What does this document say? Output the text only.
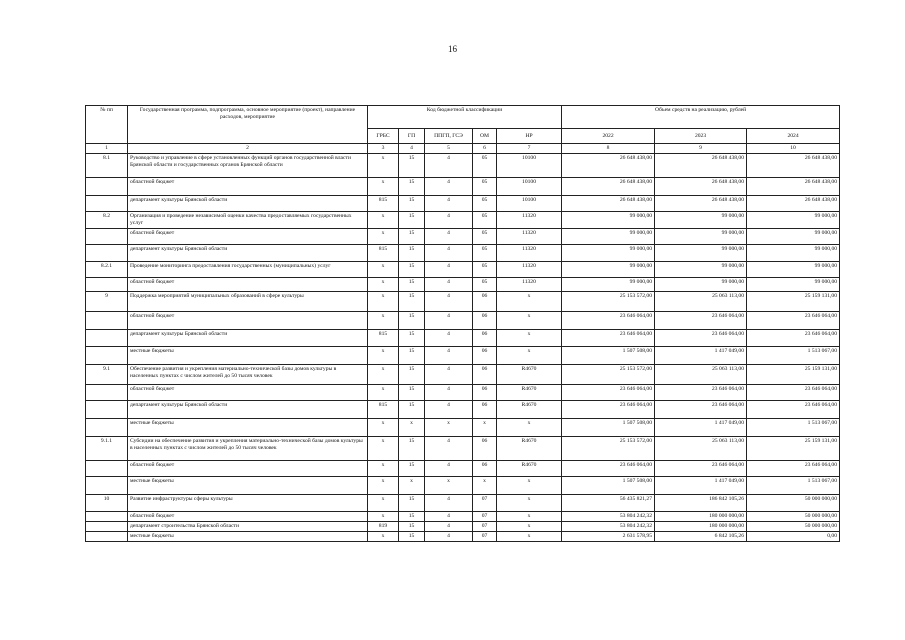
16
№ пп	Государственная программа, подпрограмма, основное мероприятие (проект), направление расходов, мероприятие	Код бюджетной классификации					Объем средств на реализацию, рублей		
		ГРБС	ГП	ППГП, ГСЭ	ОМ	НР	2022	2023	2024
1	2	3	4	5	6	7	8	9	10
8.1	Руководство и управление в сфере установленных функций органов государственной власти Брянской области и государственных органов Брянской области	х	15	4	05	10100	26 648 438,00	26 648 438,00	26 648 438,00
	областной бюджет	х	15	4	05	10100	26 648 438,00	26 648 438,00	26 648 438,00
	департамент культуры Брянской области	815	15	4	05	10100	26 648 438,00	26 648 438,00	26 648 438,00
8.2	Организация и проведение независимой оценки качества предоставляемых государственных услуг	х	15	4	05	11320	99 000,00	99 000,00	99 000,00
	областной бюджет	х	15	4	05	11320	99 000,00	99 000,00	99 000,00
	департамент культуры Брянской области	815	15	4	05	11320	99 000,00	99 000,00	99 000,00
8.2.1	Проведение мониторинга предоставления государственных (муниципальных) услуг	х	15	4	05	11320	99 000,00	99 000,00	99 000,00
	областной бюджет	х	15	4	05	11320	99 000,00	99 000,00	99 000,00
9	Поддержка мероприятий муниципальных образований в сфере культуры	х	15	4	06	х	25 153 572,00	25 063 113,00	25 159 131,00
	областной бюджет	х	15	4	06	х	23 646 064,00	23 646 064,00	23 646 064,00
	департамент культуры Брянской области	815	15	4	06	х	23 646 064,00	23 646 064,00	23 646 064,00
	местные бюджеты	х	15	4	06	х	1 507 508,00	1 417 049,00	1 513 067,00
9.1	Обеспечение развития и укрепления материально-технической базы домов культуры в населенных пунктах с числом жителей до 50 тысяч человек	х	15	4	06	R4670	25 153 572,00	25 063 113,00	25 159 131,00
	областной бюджет	х	15	4	06	R4670	23 646 064,00	23 646 064,00	23 646 064,00
	департамент культуры Брянской области	815	15	4	06	R4670	23 646 064,00	23 646 064,00	23 646 064,00
	местные бюджеты	х	х	х	х	х	1 507 508,00	1 417 049,00	1 513 067,00
9.1.1	Субсидии на обеспечение развития и укрепления материально-технической базы домов культуры в населенных пунктах с числом жителей до 50 тысяч человек	х	15	4	06	R4670	25 153 572,00	25 063 113,00	25 159 131,00
	областной бюджет	х	15	4	06	R4670	23 646 064,00	23 646 064,00	23 646 064,00
	местные бюджеты	х	х	х	х	х	1 507 508,00	1 417 049,00	1 513 067,00
10	Развитие инфраструктуры сферы культуры	х	15	4	07	х	56 435 821,27	186 842 105,26	50 000 000,00
	областной бюджет	х	15	4	07	х	53 804 242,32	180 000 000,00	50 000 000,00
	департамент строительства Брянской области	819	15	4	07	х	53 804 242,32	180 000 000,00	50 000 000,00
	местные бюджеты	х	15	4	07	х	2 631 578,95	6 842 105,26	0,00
